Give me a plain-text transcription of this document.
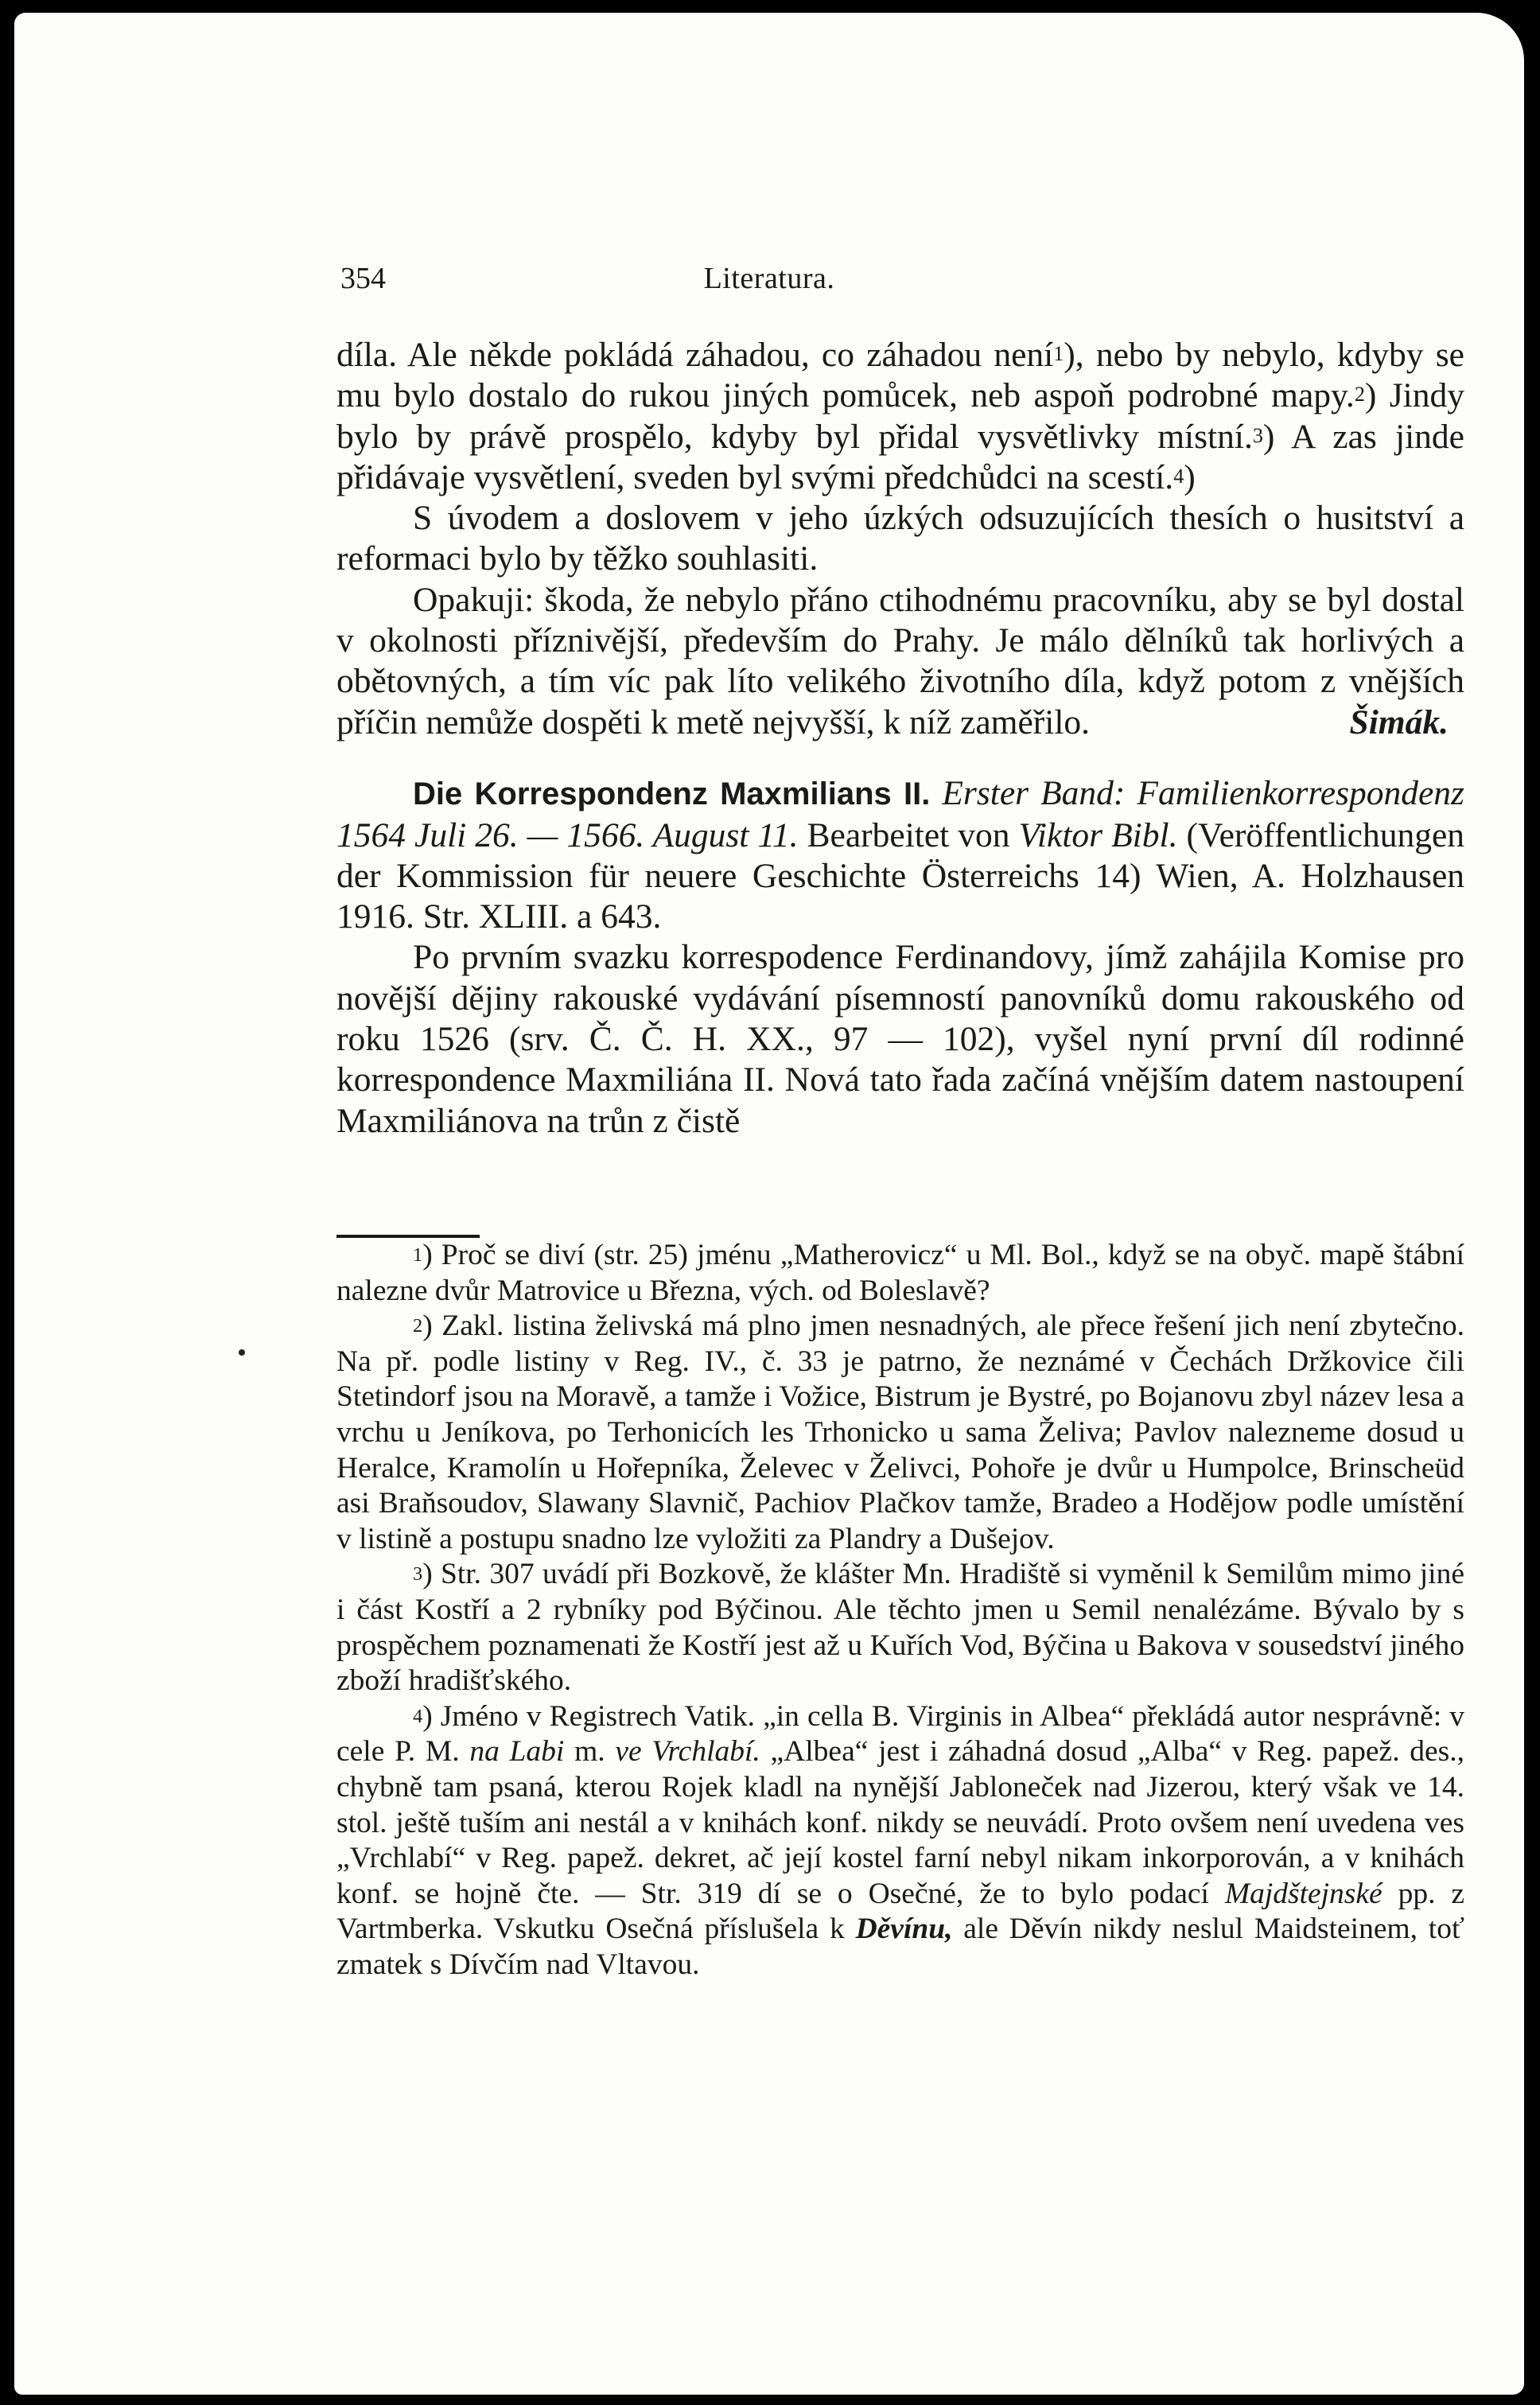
354	Literatura.

díla. Ale někde pokládá záhadou, co záhadou není$^1$), nebo by nebylo, kdyby se mu bylo dostalo do rukou jiných pomůcek, neb aspoň podrobné mapy.$^2$) Jindy bylo by právě prospělo, kdyby byl přidal vysvětlivky místní.$^3$) A zas jinde přidávaje vysvětlení, sveden byl svými předchůdci na scestí.$^4$)

S úvodem a doslovem v jeho úzkých odsuzujících thesích o husitství a reformaci bylo by těžko souhlasiti.

Opakuji: škoda, že nebylo přáno ctihodnému pracovníku, aby se byl dostal v okolnosti příznivější, především do Prahy. Je málo dělníků tak horlivých a obětovných, a tím víc pak líto velikého životního díla, když potom z vnějších příčin nemůže dospěti k metě nejvyšší, k níž zaměřilo.	Šimák.

Die Korrespondenz Maxmilians II. Erster Band: Familienkorrespondenz 1564 Juli 26. — 1566. August 11. Bearbeitet von Viktor Bibl. (Veröffentlichungen der Kommission für neuere Geschichte Österreichs 14) Wien, A. Holzhausen 1916. Str. XLIII. a 643.

Po prvním svazku korrespodence Ferdinandovy, jímž zahájila Komise pro novější dějiny rakouské vydávání písemností panovníků domu rakouského od roku 1526 (srv. Č. Č. H. XX., 97 — 102), vyšel nyní první díl rodinné korrespondence Maxmiliána II. Nová tato řada začíná vnějším datem nastoupení Maxmiliánova na trůn z čistě

$^1$) Proč se diví (str. 25) jménu „Matherovicz“ u Ml. Bol., když se na obyč. mapě štábní nalezne dvůr Matrovice u Března, vých. od Boleslavě?

$^2$) Zakl. listina želivská má plno jmen nesnadných, ale přece řešení jich není zbytečno. Na př. podle listiny v Reg. IV., č. 33 je patrno, že neznámé v Čechách Držkovice čili Stetindorf jsou na Moravě, a tamže i Vožice, Bistrum je Bystré, po Bojanovu zbyl název lesa a vrchu u Jeníkova, po Terhonicích les Trhonicko u sama Želiva; Pavlov nalezneme dosud u Heralce, Kramolín u Hořepníka, Želevec v Želivci, Pohoře je dvůr u Humpolce, Brinscheüd asi Braňsoudov, Slawany Slavnič, Pachiov Plačkov tamže, Bradeo a Hodějow podle umístění v listině a postupu snadno lze vyložiti za Plandry a Dušejov.

$^3$) Str. 307 uvádí při Bozkově, že klášter Mn. Hradiště si vyměnil k Semilům mimo jiné i část Kostří a 2 rybníky pod Býčinou. Ale těchto jmen u Semil nenalézáme. Bývalo by s prospěchem poznamenati že Kostří jest až u Kuřích Vod, Býčina u Bakova v sousedství jiného zboží hradišťského.

$^4$) Jméno v Registrech Vatik. „in cella B. Virginis in Albea“ překládá autor nesprávně: v cele P. M. na Labi m. ve Vrchlabí. „Albea“ jest i záhadná dosud „Alba“ v Reg. papež. des., chybně tam psaná, kterou Rojek kladl na nynější Jabloneček nad Jizerou, který však ve 14. stol. ještě tuším ani nestál a v knihách konf. nikdy se neuvádí. Proto ovšem není uvedena ves „Vrchlabí“ v Reg. papež. dekret, ač její kostel farní nebyl nikam inkorporován, a v knihách konf. se hojně čte. — Str. 319 dí se o Osečné, že to bylo podací Majdštejnské pp. z Vartmberka. Vskutku Osečná příslušela k Děvínu, ale Děvín nikdy neslul Maidsteinem, toť zmatek s Dívčím nad Vltavou.
